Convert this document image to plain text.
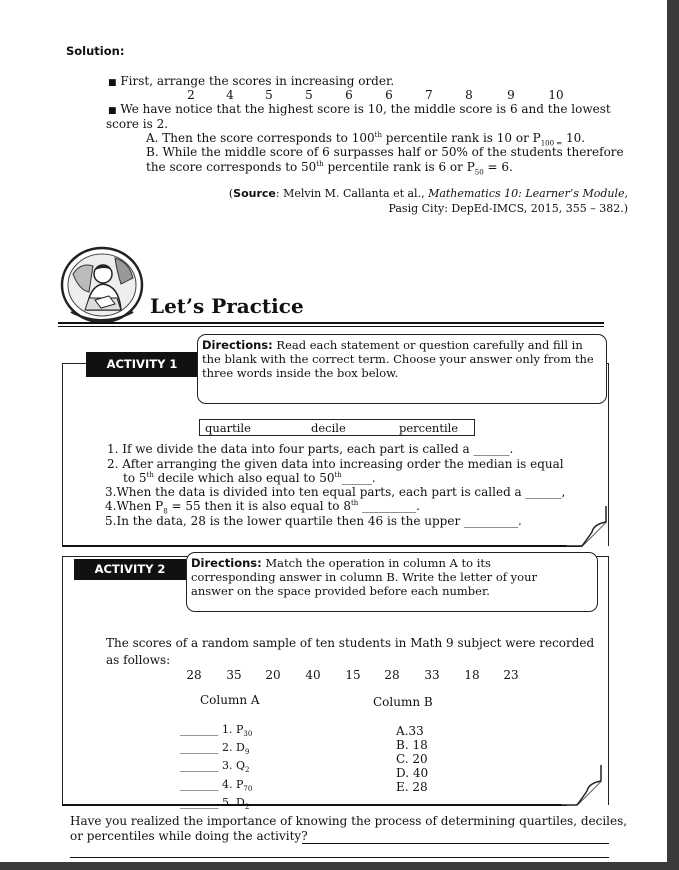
Solution:
■ First, arrange the scores in increasing order.
2	4	5	5	6	6	7	8	9	10
■ We have notice that the highest score is 10, the middle score is 6 and the lowest
score is 2.
A. Then the score corresponds to 100th percentile rank is 10 or $P_{100 =}$ 10.
B. While the middle score of 6 surpasses half or 50% of the students therefore
the score corresponds to 50th percentile rank is 6 or $P_{50} = 6$.
(Source: Melvin M. Callanta et al., Mathematics 10: Learner’s Module,
Pasig City: DepEd-IMCS, 2015, 355 – 382.)
Let’s Practice
ACTIVITY 1
Directions: Read each statement or question carefully and fill in
the blank with the correct term. Choose your answer only from the
three words inside the box below.
quartile	decile	percentile
1. If we divide the data into four parts, each part is called a ______.
2. After arranging the given data into increasing order the median is equal
to 5th decile which also equal to 50th_____.
3.When the data is divided into ten equal parts, each part is called a ______,
4.When $P_8 = 55$ then it is also equal to 8th _________.
5.In the data, 28 is the lower quartile then 46 is the upper _________.
ACTIVITY 2	Directions: Match the operation in column A to its
corresponding answer in column B. Write the letter of your
answer on the space provided before each number.
The scores of a random sample of ten students in Math 9 subject were recorded
as follows:
28 35 20 40 15 28 33 18 23
Column A	Column B
_______ 1. $P_{30}$
_______ 2. $D_9$
_______ 3. $Q_2$
_______ 4. $P_{70}$
_______ 5. $D_2$
A.33
B. 18
C. 20
D. 40
E. 28
Have you realized the importance of knowing the process of determining quartiles, deciles,
or percentiles while doing the activity?
